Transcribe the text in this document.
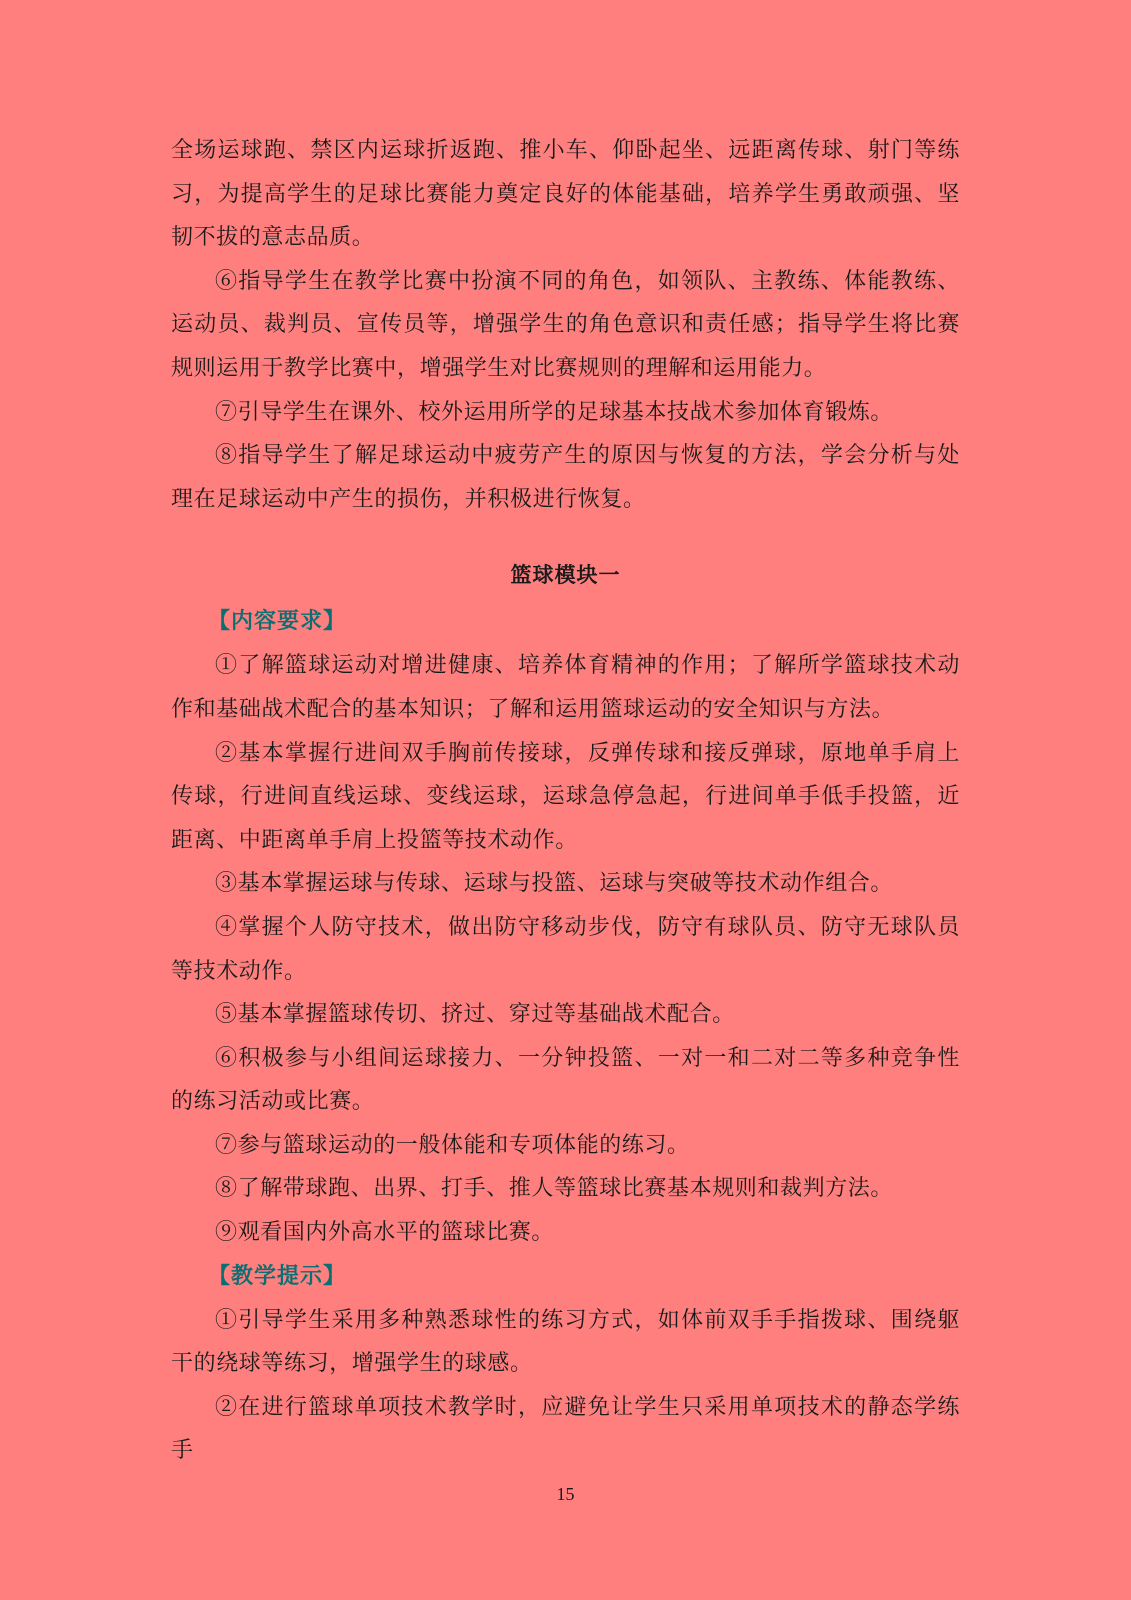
全场运球跑、禁区内运球折返跑、推小车、仰卧起坐、远距离传球、射门等练习，为提高学生的足球比赛能力奠定良好的体能基础，培养学生勇敢顽强、坚韧不拔的意志品质。

⑥指导学生在教学比赛中扮演不同的角色，如领队、主教练、体能教练、运动员、裁判员、宣传员等，增强学生的角色意识和责任感；指导学生将比赛规则运用于教学比赛中，增强学生对比赛规则的理解和运用能力。

⑦引导学生在课外、校外运用所学的足球基本技战术参加体育锻炼。

⑧指导学生了解足球运动中疲劳产生的原因与恢复的方法，学会分析与处理在足球运动中产生的损伤，并积极进行恢复。

篮球模块一
【内容要求】

①了解篮球运动对增进健康、培养体育精神的作用；了解所学篮球技术动作和基础战术配合的基本知识；了解和运用篮球运动的安全知识与方法。

②基本掌握行进间双手胸前传接球，反弹传球和接反弹球，原地单手肩上传球，行进间直线运球、变线运球，运球急停急起，行进间单手低手投篮，近距离、中距离单手肩上投篮等技术动作。

③基本掌握运球与传球、运球与投篮、运球与突破等技术动作组合。

④掌握个人防守技术，做出防守移动步伐，防守有球队员、防守无球队员等技术动作。

⑤基本掌握篮球传切、挤过、穿过等基础战术配合。

⑥积极参与小组间运球接力、一分钟投篮、一对一和二对二等多种竞争性的练习活动或比赛。

⑦参与篮球运动的一般体能和专项体能的练习。

⑧了解带球跑、出界、打手、推人等篮球比赛基本规则和裁判方法。

⑨观看国内外高水平的篮球比赛。

【教学提示】

①引导学生采用多种熟悉球性的练习方式，如体前双手手指拨球、围绕躯干的绕球等练习，增强学生的球感。

②在进行篮球单项技术教学时，应避免让学生只采用单项技术的静态学练手

15
